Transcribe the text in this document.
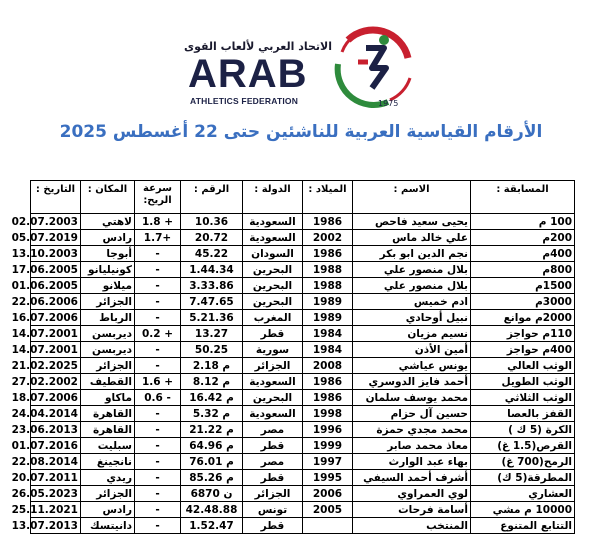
الاتحاد العربي لألعاب القوى
ARAB
ATHLETICS FEDERATION	1975
الأرقام القياسية العربية للناشئين حتى 22 أغسطس 2025
المسابقة :	الاسم :	الميلاد :	الدولة :	الرقم :	سرعة الريح:	المكان :	التاريخ :
100 م	يحيى سعيد فاحص	1986	السعودية	10.36	1.8 +	لاهتي	02.07.2003
200م	علي خالد ماس	2002	السعودية	20.72	1.7+	رادس	05.07.2019
400م	نجم الدين ابو بكر	1986	السودان	45.22	-	أبوجا	13.10.2003
800م	بلال منصور علي	1988	البحرين	1.44.34	-	كونيليانو	17.06.2005
1500م	بلال منصور علي	1988	البحرين	3.33.86	-	ميلانو	01.06.2005
3000م	ادم خميس	1989	البحرين	7.47.65	-	الجزائر	22.06.2006
2000م موانع	نبيل أوحادي	1989	المغرب	5.21.36	-	الرباط	16.07.2006
110م حواجز	نسيم مزيان	1984	قطر	13.27	0.2 +	ديربسن	14.07.2001
400م حواجز	أمين الأذن	1984	سورية	50.25	-	ديربسن	14.07.2001
الوثب العالي	يونس عياشي	2008	الجزائر	2.18 م	-	الجزائر	21.02.2025
الوثب الطويل	أحمد فايز الدوسري	1986	السعودية	8.12 م	1.6 +	القطيف	27.02.2002
الوثب الثلاثي	محمد يوسف سلمان	1986	البحرين	16.42 م	0.6 -	ماكاو	18.07.2006
القفز بالعصا	حسين آل حزام	1998	السعودية	5.32 م	-	القاهرة	24.04.2014
الكرة (5 ك )	محمد مجدي حمزة	1996	مصر	21.22 م	-	القاهرة	23.06.2013
القرص(1.5 غ)	معاذ محمد صابر	1999	قطر	64.96 م	-	سبليت	01.07.2016
الرمح(700 غ)	بهاء عبد الوارث	1997	مصر	76.01 م	-	نانجينغ	22.08.2014
المطرقة(5 ك)	أشرف أحمد السيفي	1995	قطر	85.26 م	-	ريدي	20.07.2011
العشاري	لوي العمراوي	2006	الجزائر	6870 ن	-	الجزائر	26.05.2023
10000 م مشي	أسامة فرحات	2005	تونس	42.48.88	-	رادس	25.11.2021
التتابع المتنوع	المنتخب		قطر	1.52.47	-	دانيتسك	13.07.2013
